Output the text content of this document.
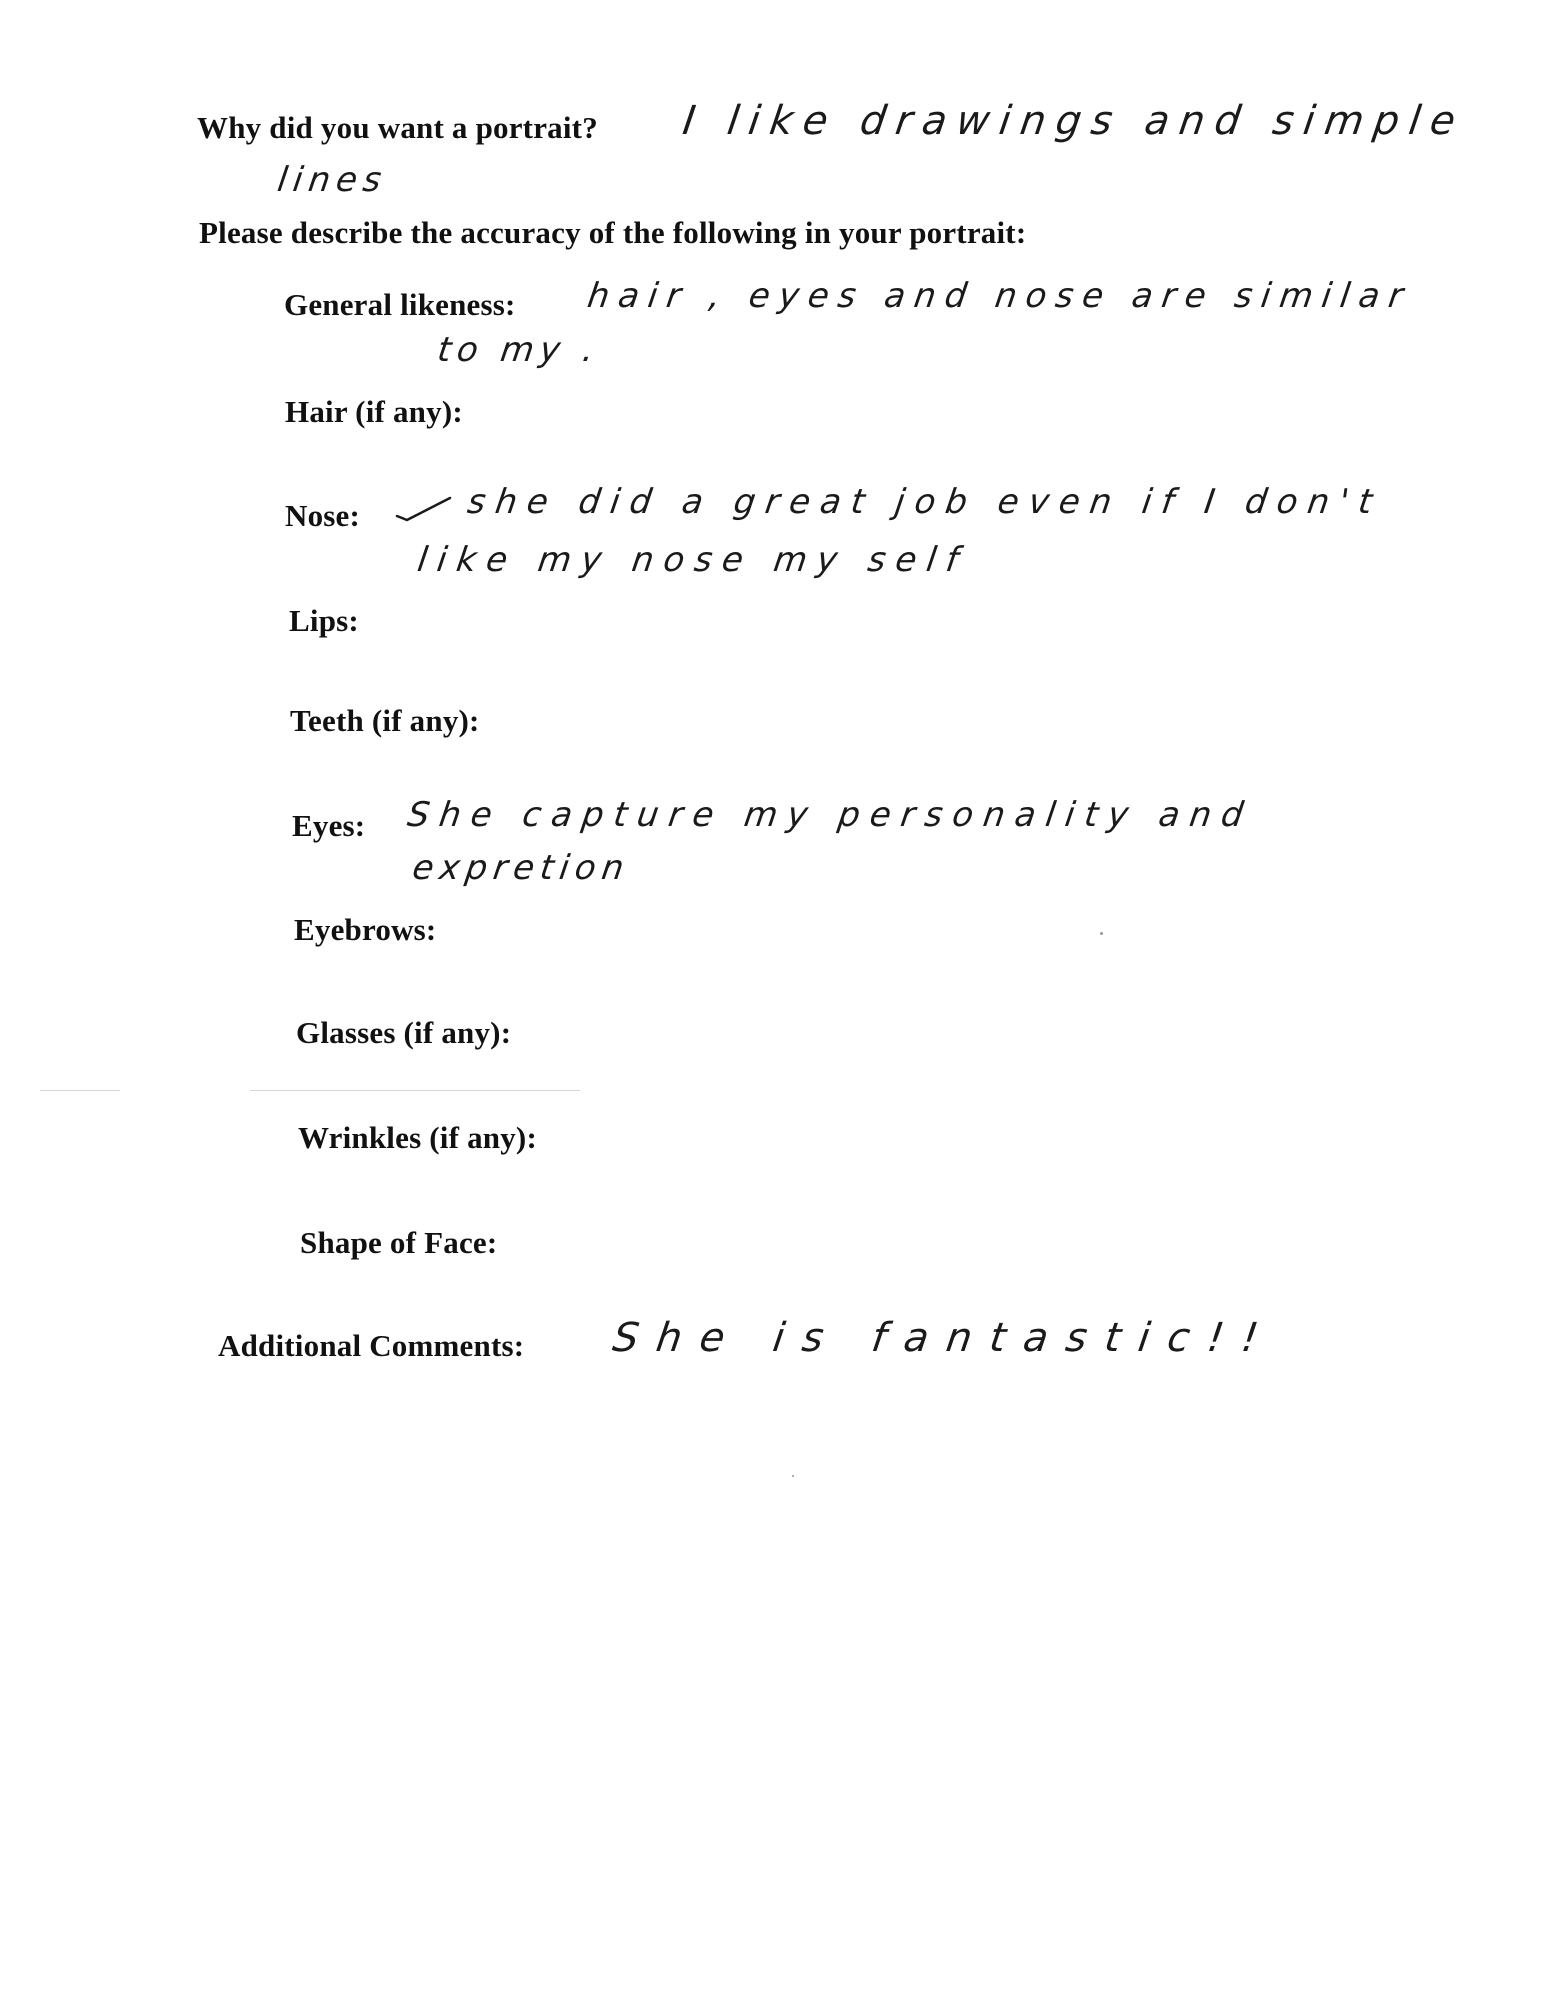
Why did you want a portrait? I like drawings and simple
lines
Please describe the accuracy of the following in your portrait:
General likeness: hair , eyes and nose are similar
to my .
Hair (if any):
Nose:	she did a great job even if I don't
like my nose my self
Lips:
Teeth (if any):
Eyes: She capture my personality and
expretion
Eyebrows:
Glasses (if any):
Wrinkles (if any):
Shape of Face:
Additional Comments: She is fantastic!!
